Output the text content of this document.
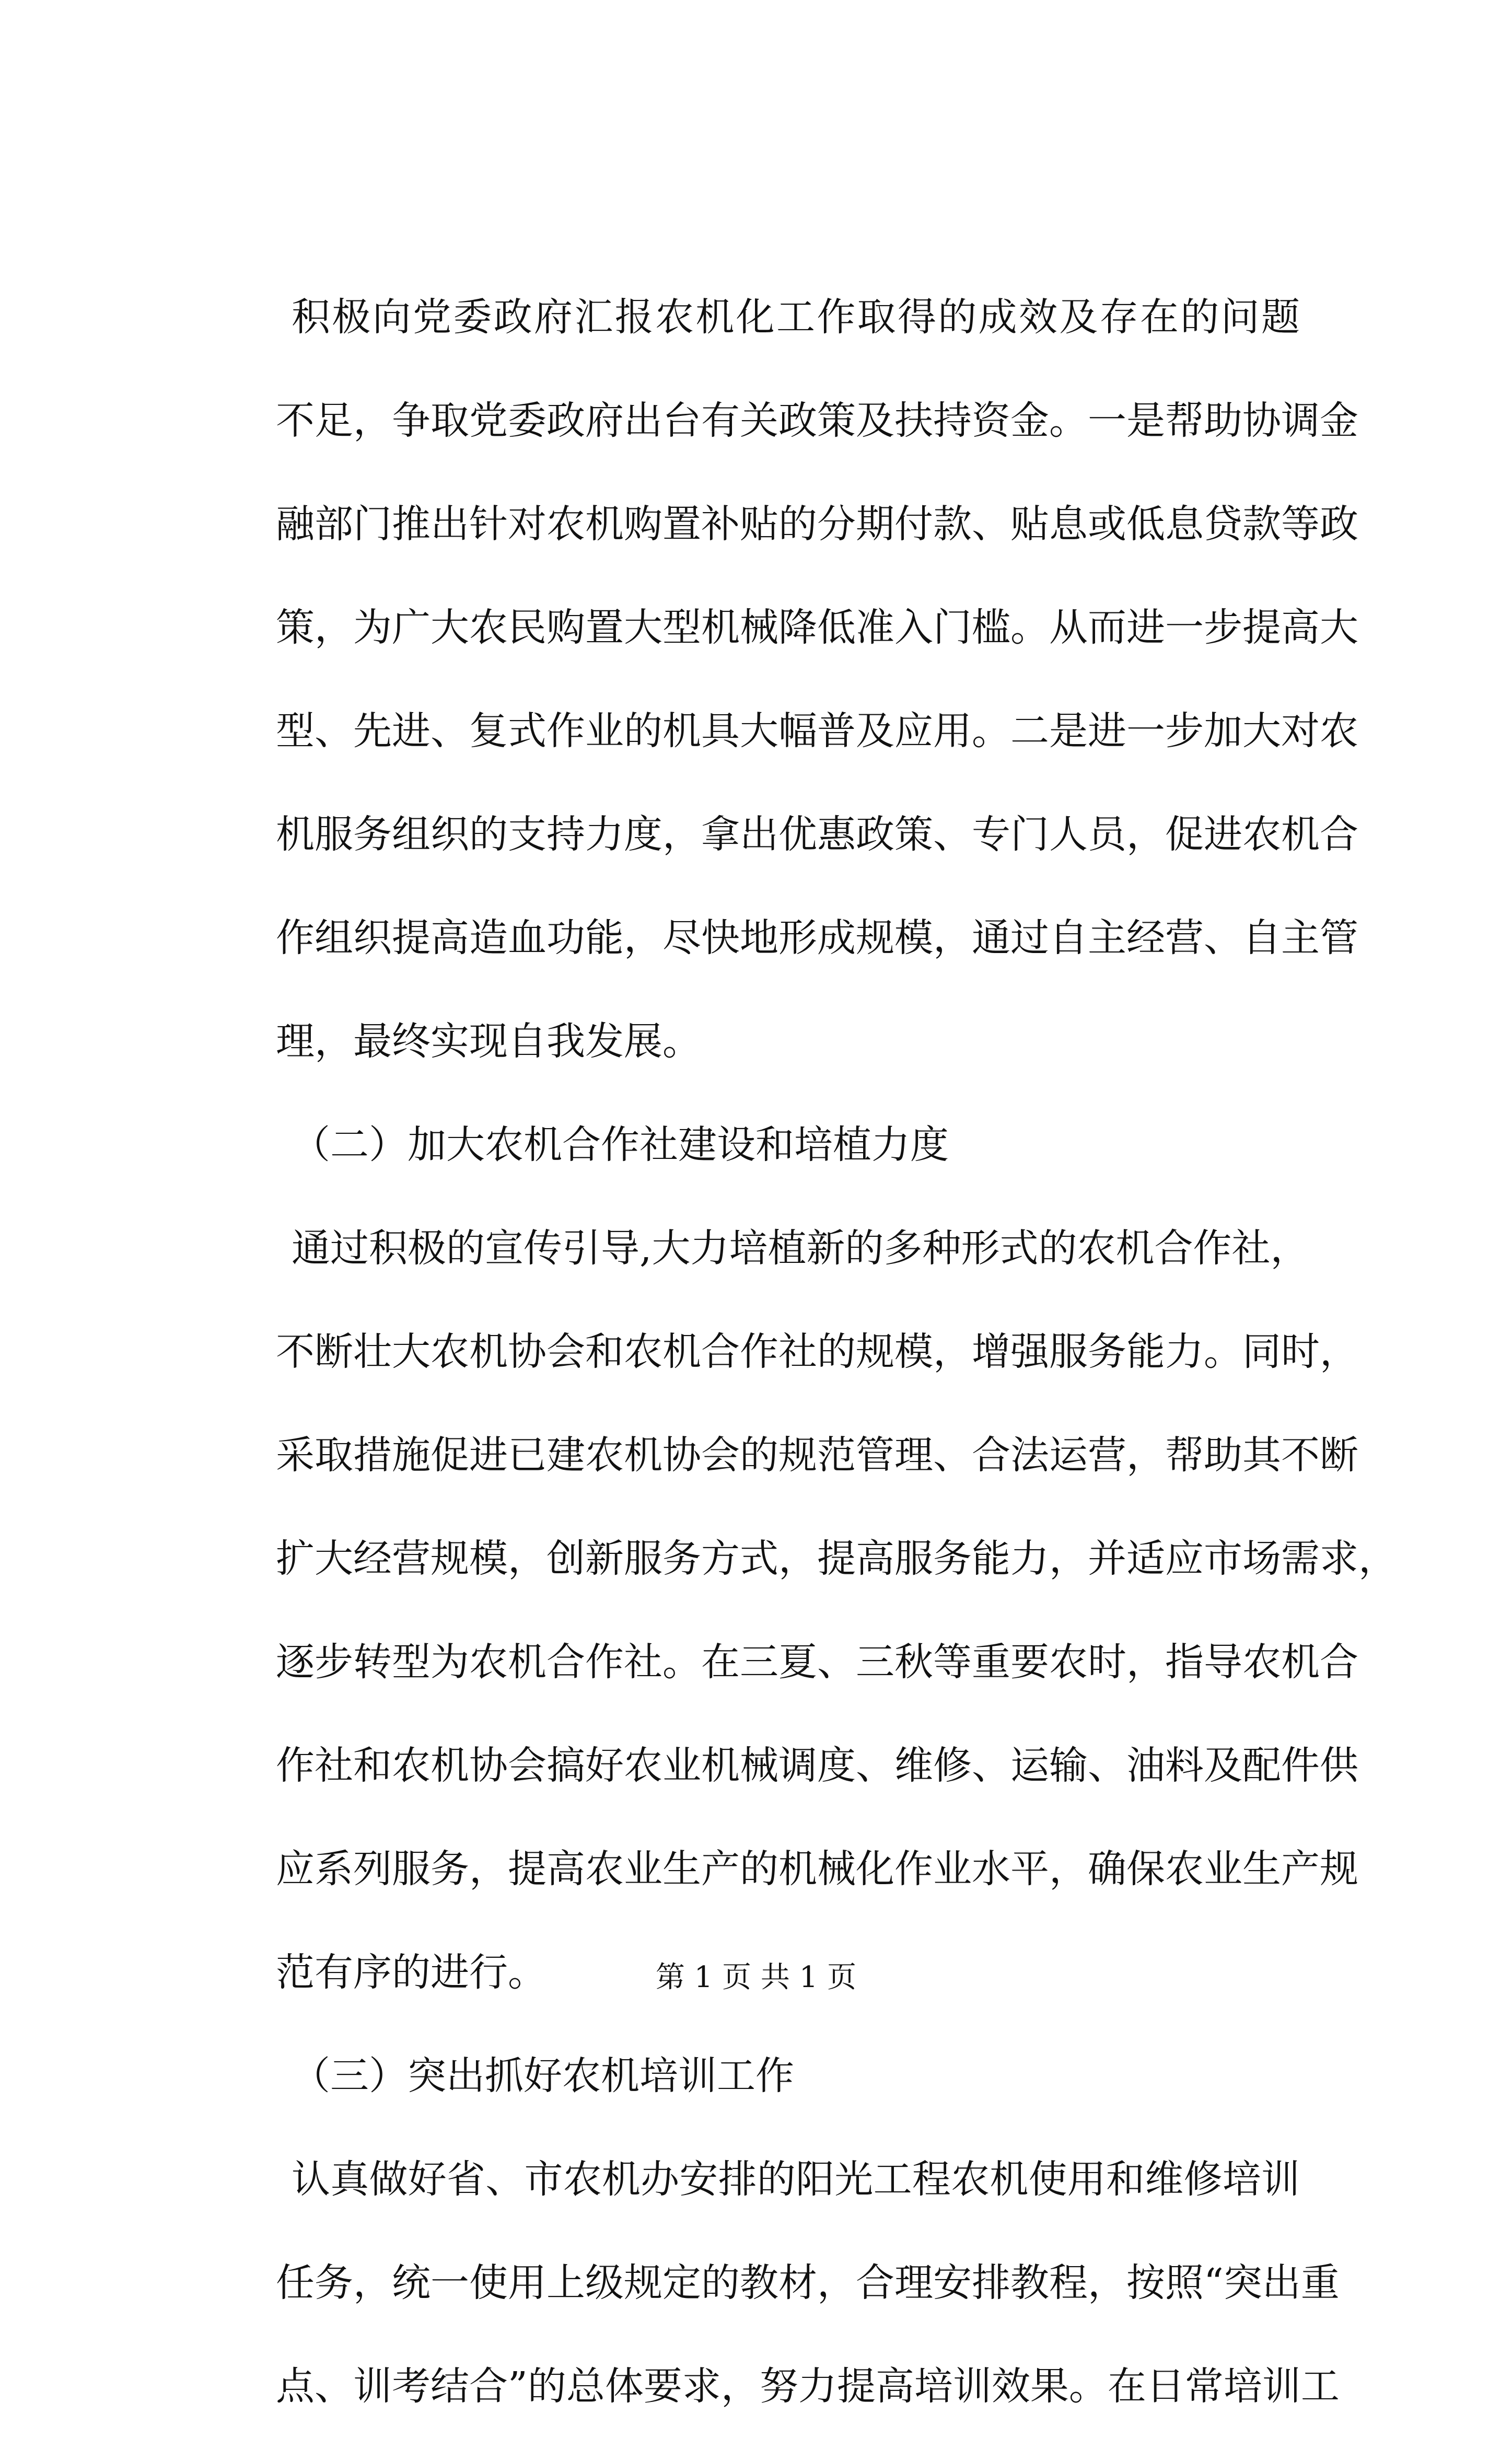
积极向党委政府汇报农机化工作取得的成效及存在的问题
不足，争取党委政府出台有关政策及扶持资金。一是帮助协调金
融部门推出针对农机购置补贴的分期付款、贴息或低息贷款等政
策，为广大农民购置大型机械降低准入门槛。从而进一步提高大
型、先进、复式作业的机具大幅普及应用。二是进一步加大对农
机服务组织的支持力度，拿出优惠政策、专门人员，促进农机合
作组织提高造血功能，尽快地形成规模，通过自主经营、自主管
理，最终实现自我发展。
（二）加大农机合作社建设和培植力度
通过积极的宣传引导,大力培植新的多种形式的农机合作社，
不断壮大农机协会和农机合作社的规模，增强服务能力。同时，
采取措施促进已建农机协会的规范管理、合法运营，帮助其不断
扩大经营规模，创新服务方式，提高服务能力，并适应市场需求，
逐步转型为农机合作社。在三夏、三秋等重要农时，指导农机合
作社和农机协会搞好农业机械调度、维修、运输、油料及配件供
应系列服务，提高农业生产的机械化作业水平，确保农业生产规
范有序的进行。
（三）突出抓好农机培训工作
认真做好省、市农机办安排的阳光工程农机使用和维修培训
任务，统一使用上级规定的教材，合理安排教程，按照“突出重
点、训考结合”的总体要求，努力提高培训效果。在日常培训工
第 1 页 共 1 页
